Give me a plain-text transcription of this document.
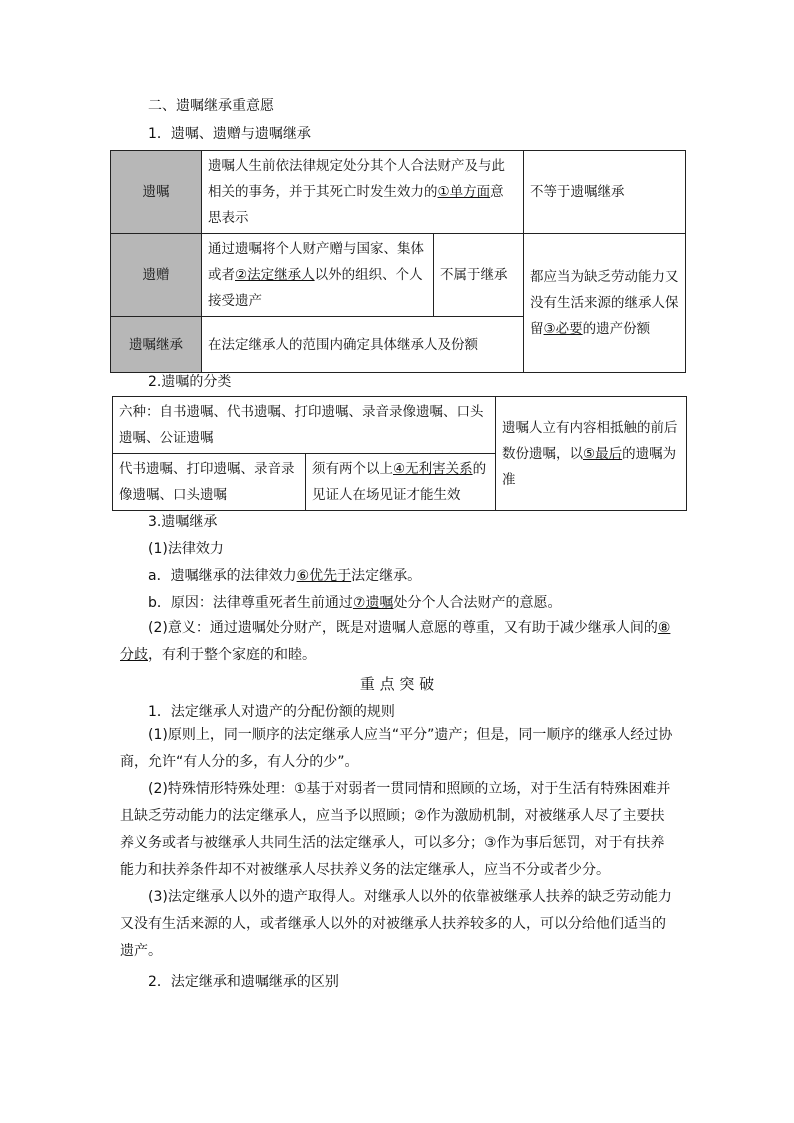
二、遗嘱继承重意愿
1．遗嘱、遗赠与遗嘱继承
遗嘱	遗嘱人生前依法律规定处分其个人合法财产及与此相关的事务，并于其死亡时发生效力的①单方面意思表示		不等于遗嘱继承
遗赠	通过遗嘱将个人财产赠与国家、集体或者②法定继承人以外的组织、个人接受遗产	不属于继承	都应当为缺乏劳动能力又没有生活来源的继承人保留③必要的遗产份额
遗嘱继承	在法定继承人的范围内确定具体继承人及份额		
2.遗嘱的分类
六种：自书遗嘱、代书遗嘱、打印遗嘱、录音录像遗嘱、口头遗嘱、公证遗嘱		遗嘱人立有内容相抵触的前后数份遗嘱，以⑤最后的遗嘱为准
代书遗嘱、打印遗嘱、录音录像遗嘱、口头遗嘱	须有两个以上④无利害关系的见证人在场见证才能生效	
3.遗嘱继承
(1)法律效力
a．遗嘱继承的法律效力⑥优先于法定继承。
b．原因：法律尊重死者生前通过⑦遗嘱处分个人合法财产的意愿。
(2)意义：通过遗嘱处分财产，既是对遗嘱人意愿的尊重，又有助于减少继承人间的⑧分歧，有利于整个家庭的和睦。
重 点 突 破
1．法定继承人对遗产的分配份额的规则
(1)原则上，同一顺序的法定继承人应当“平分”遗产；但是，同一顺序的继承人经过协商，允许“有人分的多，有人分的少”。
(2)特殊情形特殊处理：①基于对弱者一贯同情和照顾的立场，对于生活有特殊困难并且缺乏劳动能力的法定继承人，应当予以照顾；②作为激励机制，对被继承人尽了主要扶养义务或者与被继承人共同生活的法定继承人，可以多分；③作为事后惩罚，对于有扶养能力和扶养条件却不对被继承人尽扶养义务的法定继承人，应当不分或者少分。
(3)法定继承人以外的遗产取得人。对继承人以外的依靠被继承人扶养的缺乏劳动能力又没有生活来源的人，或者继承人以外的对被继承人扶养较多的人，可以分给他们适当的遗产。
2．法定继承和遗嘱继承的区别
